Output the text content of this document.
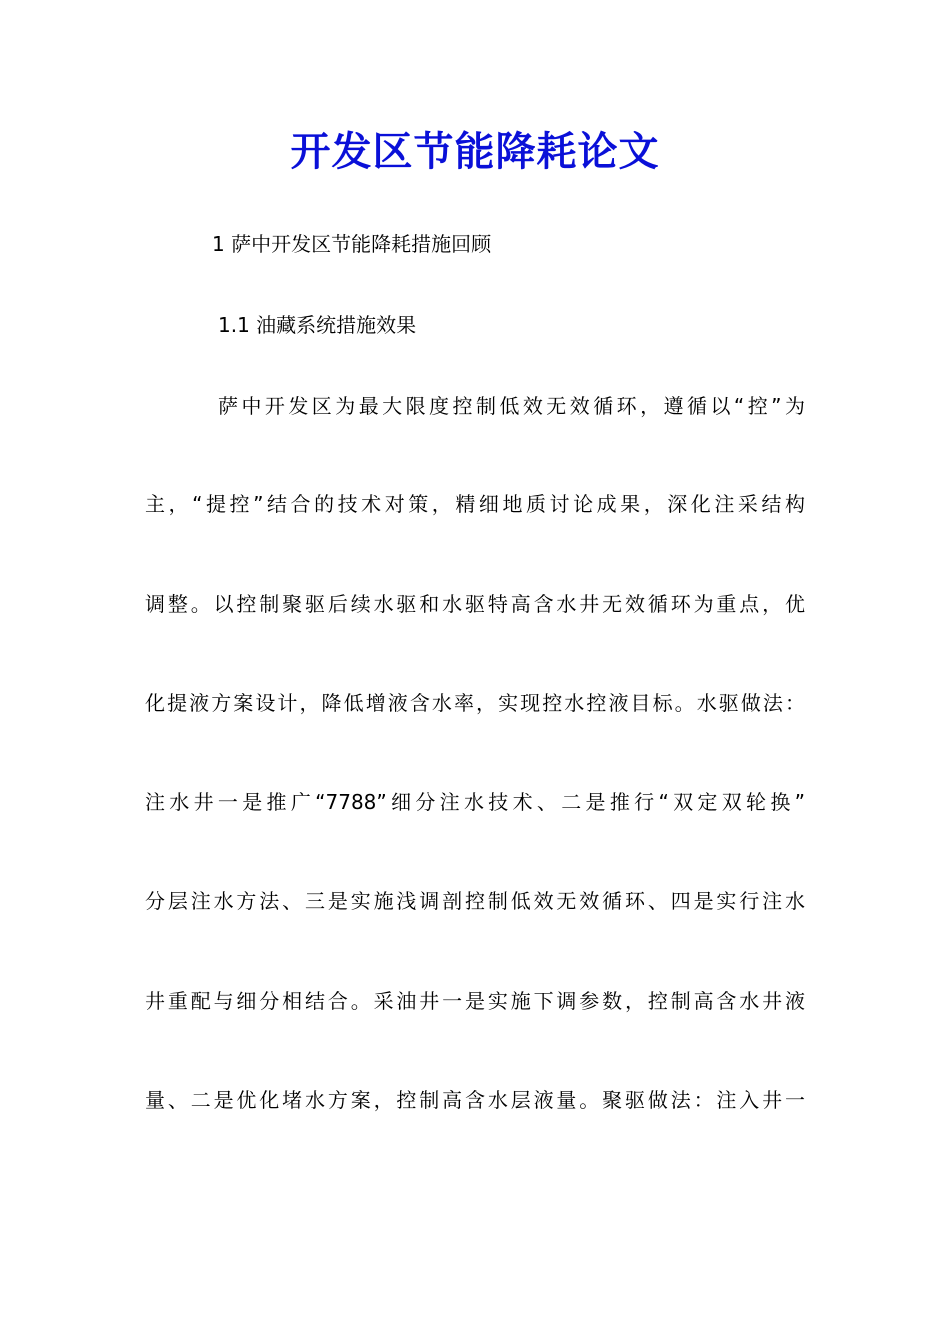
开发区节能降耗论文

1 萨中开发区节能降耗措施回顾

1.1 油藏系统措施效果

萨中开发区为最大限度控制低效无效循环，遵循以“控”为

主，“提控”结合的技术对策，精细地质讨论成果，深化注采结构

调整。以控制聚驱后续水驱和水驱特高含水井无效循环为重点，优

化提液方案设计，降低增液含水率，实现控水控液目标。水驱做法：

注水井一是推广“7788”细分注水技术、二是推行“双定双轮换”

分层注水方法、三是实施浅调剖控制低效无效循环、四是实行注水

井重配与细分相结合。采油井一是实施下调参数，控制高含水井液

量、二是优化堵水方案，控制高含水层液量。聚驱做法：注入井一
